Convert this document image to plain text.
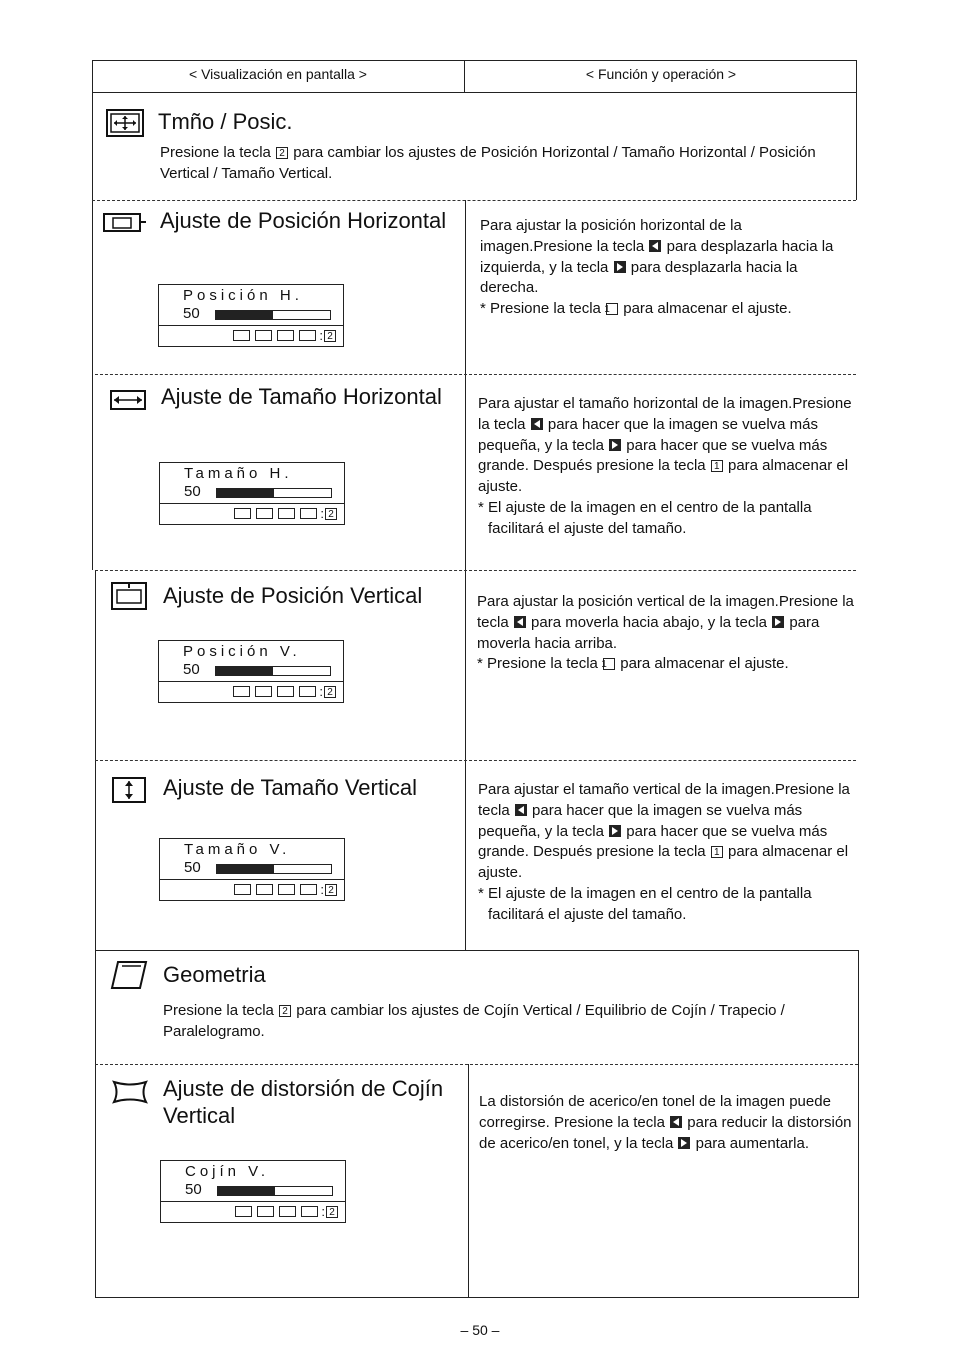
< Visualización en pantalla >	< Función y operación >
Tmño / Posic.
Presione la tecla 2 para cambiar los ajustes de Posición Horizontal / Tamaño Horizontal / Posición Vertical / Tamaño Vertical.
Ajuste de Posición Horizontal
Posición H.
50
: 2
Para ajustar la posición horizontal de la imagen.Presione la tecla  para desplazarla hacia la izquierda, y la tecla  para desplazarla hacia la derecha.
* Presione la tecla 1 para almacenar el ajuste.
Ajuste de Tamaño Horizontal
Tamaño H.
50
: 2
Para ajustar el tamaño horizontal de la imagen.Presione la tecla  para hacer que la imagen se vuelva más pequeña, y la tecla  para hacer que se vuelva más grande. Después presione la tecla 1 para almacenar el ajuste.
* El ajuste de la imagen en el centro de la pantalla facilitará el ajuste del tamaño.
Ajuste de Posición Vertical
Posición V.
50
: 2
Para ajustar la posición vertical de la imagen.Presione la tecla  para moverla hacia abajo, y la tecla  para moverla hacia arriba.
* Presione la tecla 1 para almacenar el ajuste.
Ajuste de Tamaño Vertical
Tamaño V.
50
: 2
Para ajustar el tamaño vertical de la imagen.Presione la tecla  para hacer que la imagen se vuelva más pequeña, y la tecla  para hacer que se vuelva más grande. Después presione la tecla 1 para almacenar el ajuste.
* El ajuste de la imagen en el centro de la pantalla facilitará el ajuste del tamaño.
Geometria
Presione la tecla 2 para cambiar los ajustes de Cojín Vertical / Equilibrio de Cojín / Trapecio / Paralelogramo.
Ajuste de distorsión de Cojín Vertical
Cojín V.
50
: 2
La distorsión de acerico/en tonel de la imagen puede corregirse. Presione la tecla  para reducir la distorsión de acerico/en tonel, y la tecla  para aumentarla.
– 50 –
